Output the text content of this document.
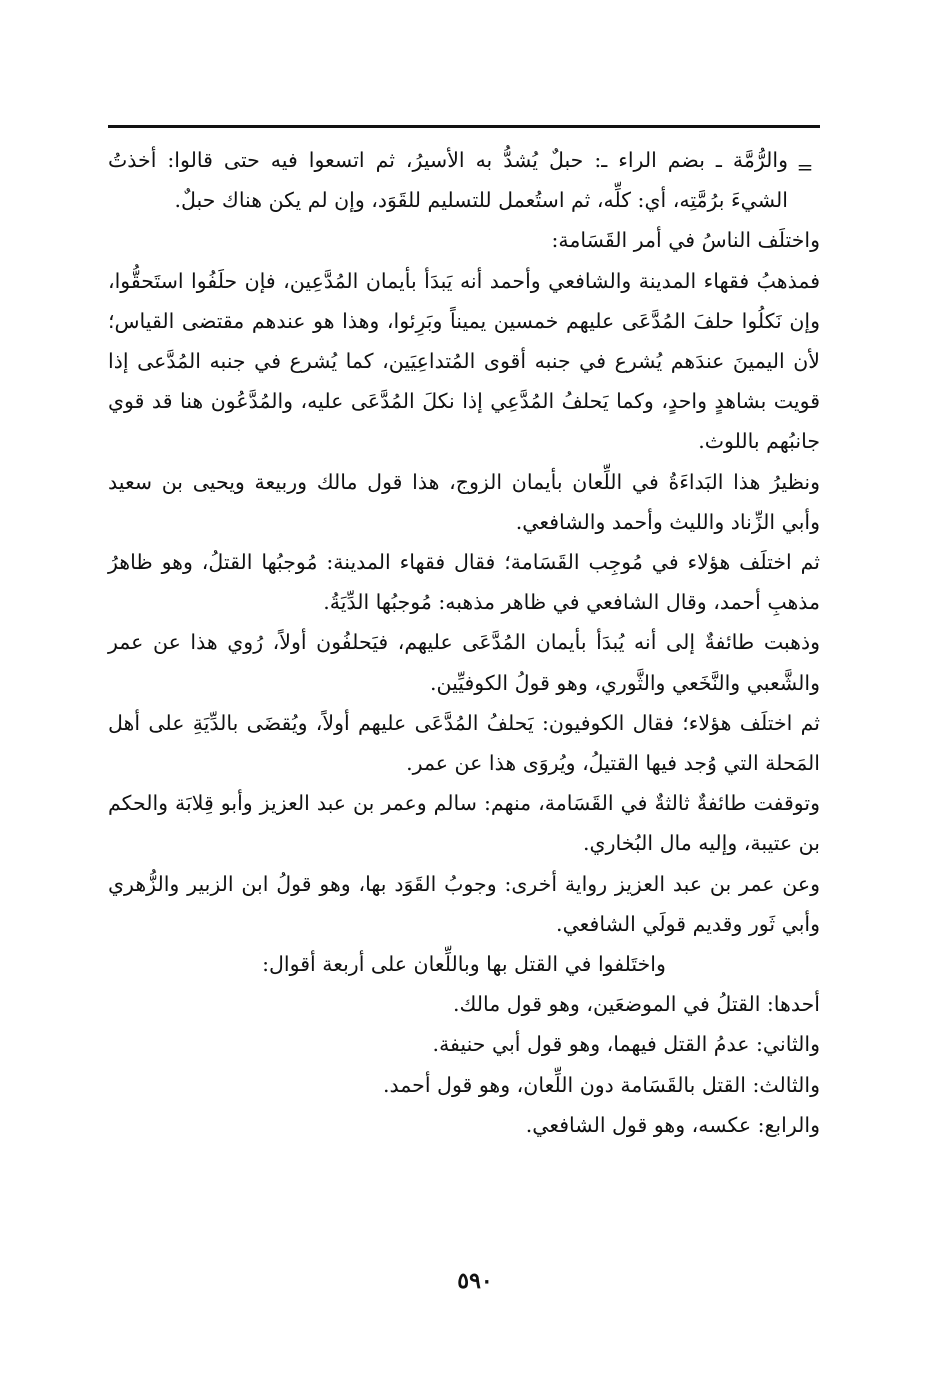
=

والرُّمَّة ـ بضم الراء ـ: حبلٌ يُشدُّ به الأسيرُ، ثم اتسعوا فيه حتى قالوا: أخذتُ الشيءَ برُمَّتِه، أي: كلِّه، ثم استُعمل للتسليم للقَوَد، وإن لم يكن هناك حبلٌ.

واختلَف الناسُ في أمر القَسَامة:

فمذهبُ فقهاء المدينة والشافعي وأحمد أنه يَبدَأ بأيمان المُدَّعِين، فإن حلَفُوا استَحقُّوا، وإن نَكلُوا حلفَ المُدَّعَى عليهم خمسين يميناً وبَرِئوا، وهذا هو عندهم مقتضى القياس؛ لأن اليمينَ عندَهم يُشرع في جنبه أقوى المُتداعِيَين، كما يُشرع في جنبه المُدَّعى إذا قويت بشاهدٍ واحدٍ، وكما يَحلفُ المُدَّعِي إذا نكلَ المُدَّعَى عليه، والمُدَّعُون هنا قد قوي جانبُهم باللوث.

ونظيرُ هذا البَداءَةُ في اللِّعان بأيمان الزوج، هذا قول مالك وربيعة ويحيى بن سعيد وأبي الزِّناد والليث وأحمد والشافعي.

ثم اختلَف هؤلاء في مُوجِب القَسَامة؛ فقال فقهاء المدينة: مُوجبُها القتلُ، وهو ظاهرُ مذهبِ أحمد، وقال الشافعي في ظاهر مذهبه: مُوجبُها الدِّيَةُ.

وذهبت طائفةٌ إلى أنه يُبدَأ بأيمان المُدَّعَى عليهم، فيَحلفُون أولاً، رُوي هذا عن عمر والشَّعبي والنَّخَعي والثَّوري، وهو قولُ الكوفيِّين.

ثم اختلَف هؤلاء؛ فقال الكوفيون: يَحلفُ المُدَّعَى عليهم أولاً، ويُقضَى بالدِّيَةِ على أهل المَحلة التي وُجد فيها القتيلُ، ويُروَى هذا عن عمر.

وتوقفت طائفةٌ ثالثةٌ في القَسَامة، منهم: سالم وعمر بن عبد العزيز وأبو قِلابَة والحكم بن عتيبة، وإليه مال البُخاري.

وعن عمر بن عبد العزيز رواية أخرى: وجوبُ القَوَد بها، وهو قولُ ابن الزبير والزُّهري وأبي ثَور وقديم قولَي الشافعي.

واختَلفوا في القتل بها وباللِّعان على أربعة أقوال:

أحدها: القتلُ في الموضعَين، وهو قول مالك.

والثاني: عدمُ القتل فيهما، وهو قول أبي حنيفة.

والثالث: القتل بالقَسَامة دون اللِّعان، وهو قول أحمد.

والرابع: عكسه، وهو قول الشافعي.

٥٩٠
